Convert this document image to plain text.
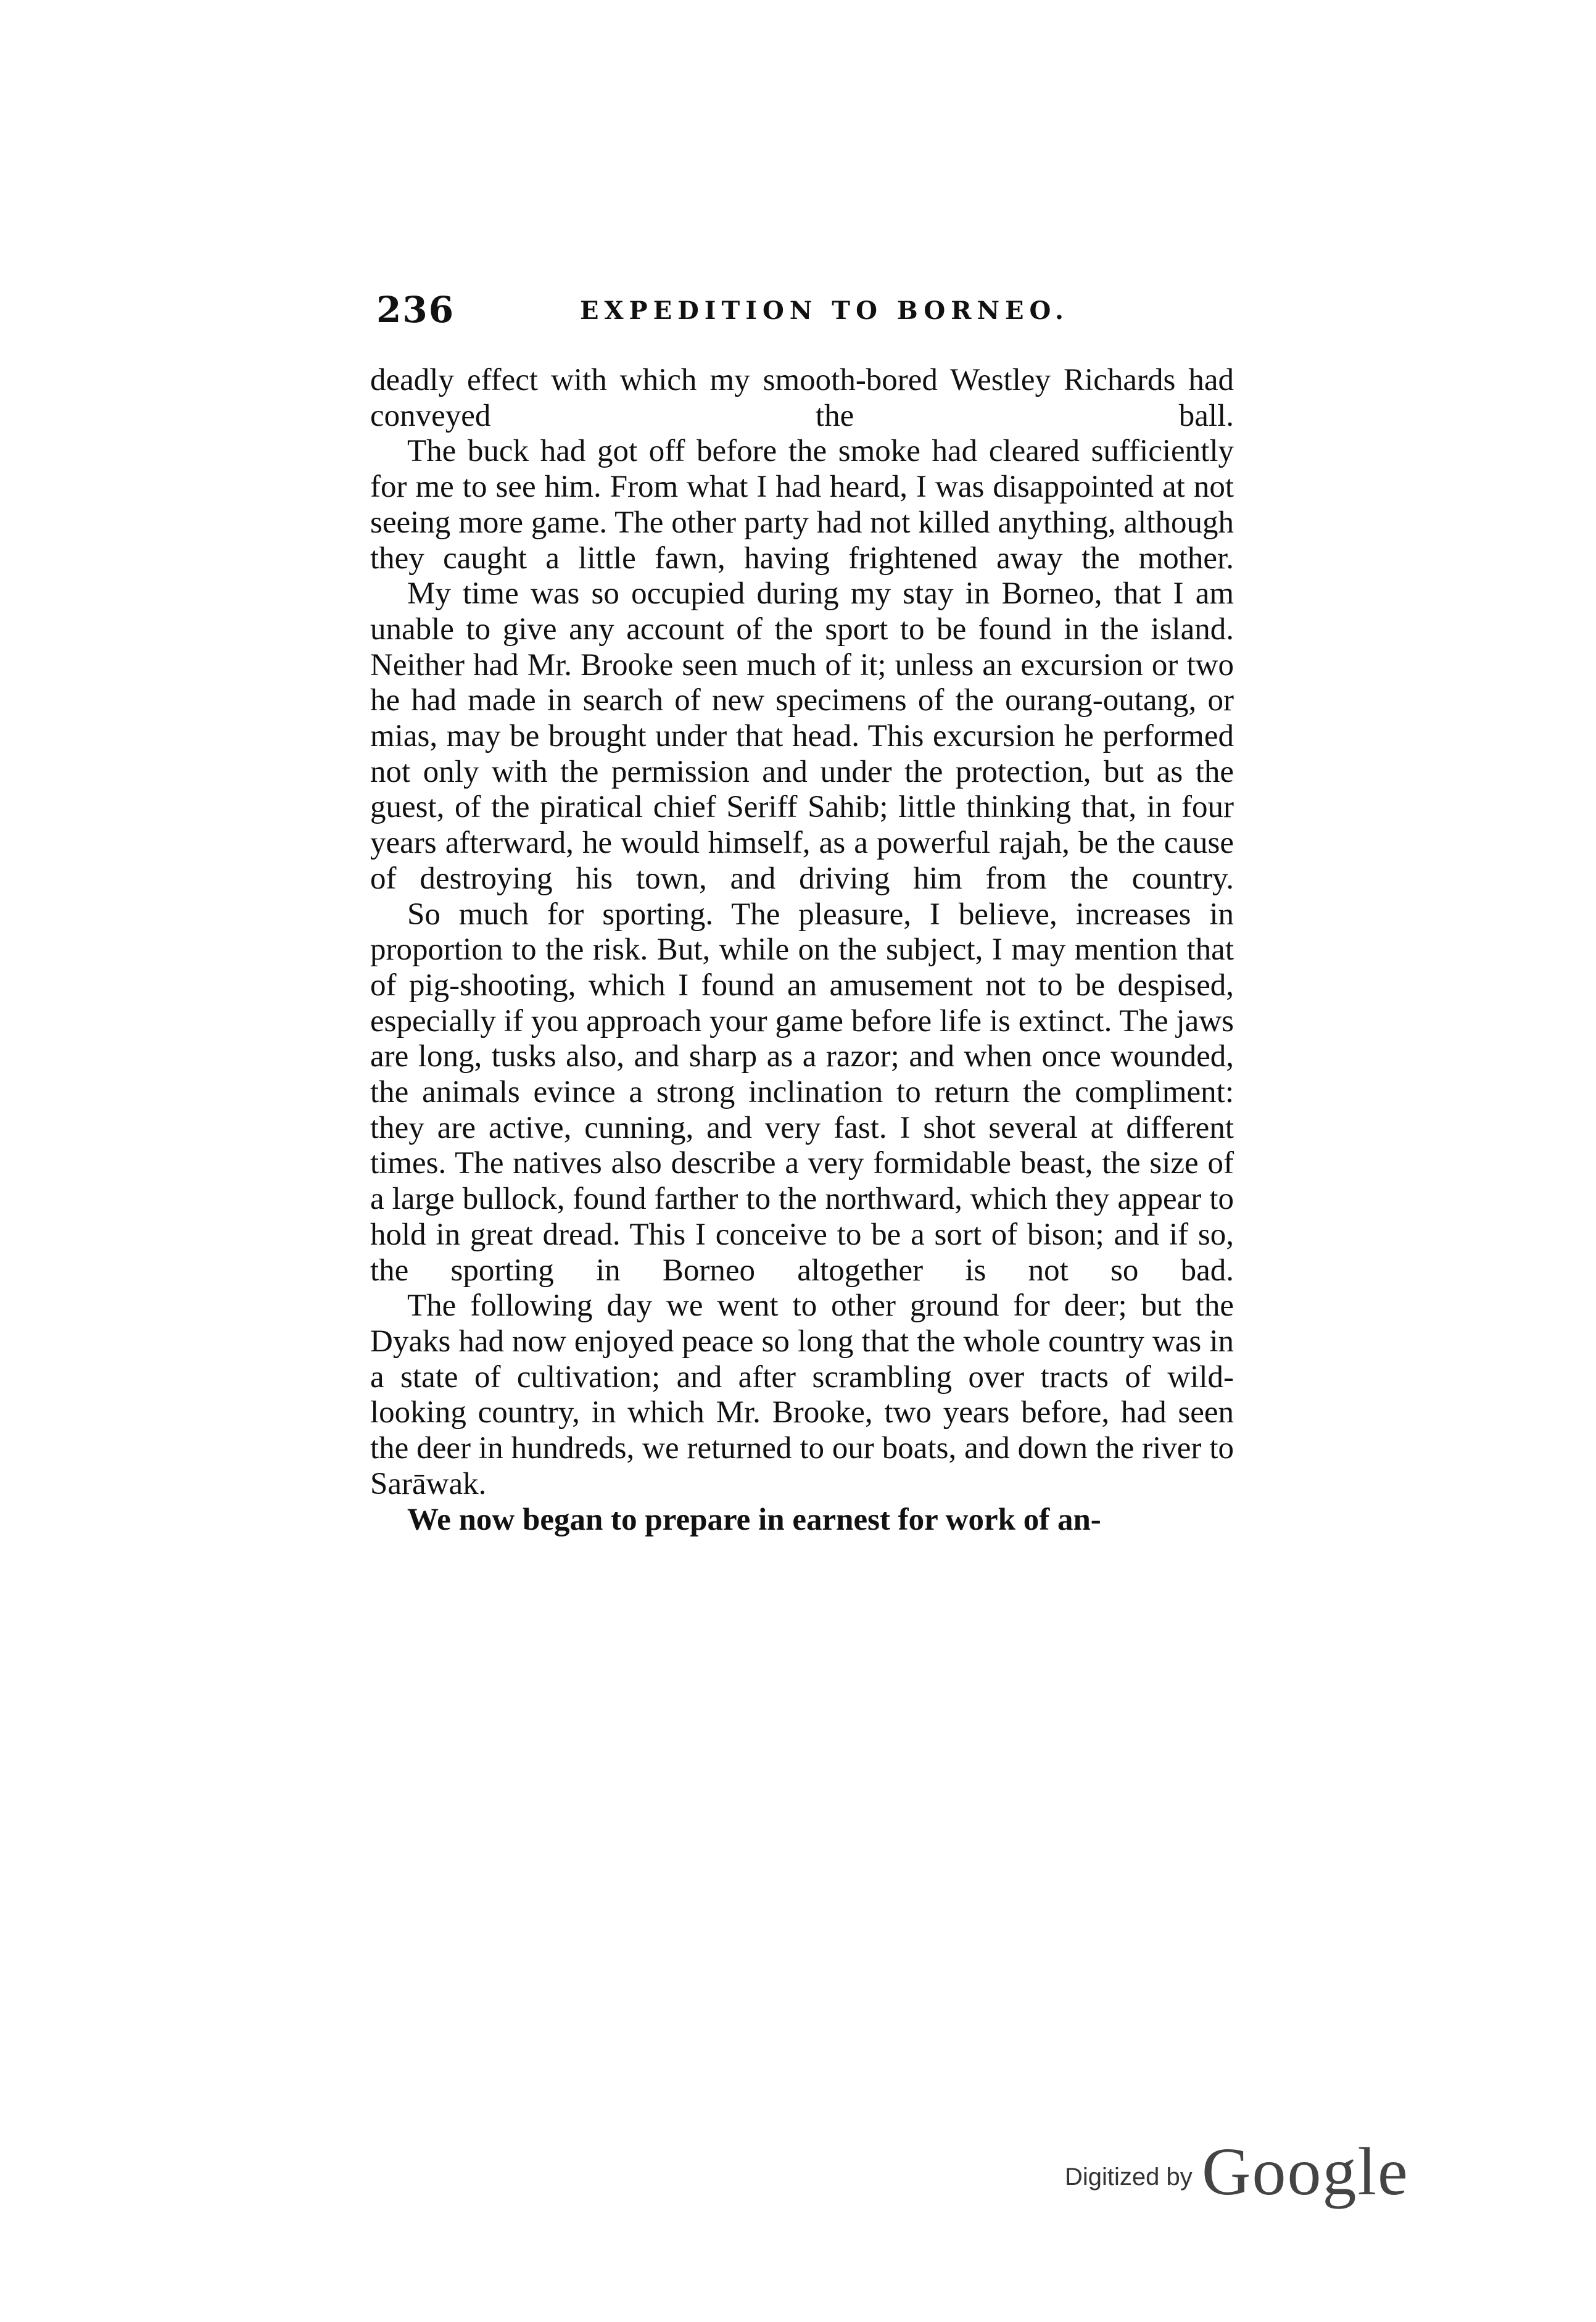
236	EXPEDITION TO BORNEO.

deadly effect with which my smooth-bored Westley Richards had conveyed the ball.

The buck had got off before the smoke had cleared sufficiently for me to see him. From what I had heard, I was disappointed at not seeing more game. The other party had not killed anything, although they caught a little fawn, having frightened away the mother.

My time was so occupied during my stay in Borneo, that I am unable to give any account of the sport to be found in the island. Neither had Mr. Brooke seen much of it; unless an excursion or two he had made in search of new specimens of the ourang-outang, or mias, may be brought under that head. This excursion he performed not only with the permission and under the protection, but as the guest, of the piratical chief Seriff Sahib; little thinking that, in four years afterward, he would himself, as a powerful rajah, be the cause of destroying his town, and driving him from the country.

So much for sporting. The pleasure, I believe, increases in proportion to the risk. But, while on the subject, I may mention that of pig-shooting, which I found an amusement not to be despised, especially if you approach your game before life is extinct. The jaws are long, tusks also, and sharp as a razor; and when once wounded, the animals evince a strong inclination to return the compliment: they are active, cunning, and very fast. I shot several at different times. The natives also describe a very formidable beast, the size of a large bullock, found farther to the northward, which they appear to hold in great dread. This I conceive to be a sort of bison; and if so, the sporting in Borneo altogether is not so bad.

The following day we went to other ground for deer; but the Dyaks had now enjoyed peace so long that the whole country was in a state of cultivation; and after scrambling over tracts of wild-looking country, in which Mr. Brooke, two years before, had seen the deer in hundreds, we returned to our boats, and down the river to Sarāwak.

We now began to prepare in earnest for work of an-

Digitized by Google
